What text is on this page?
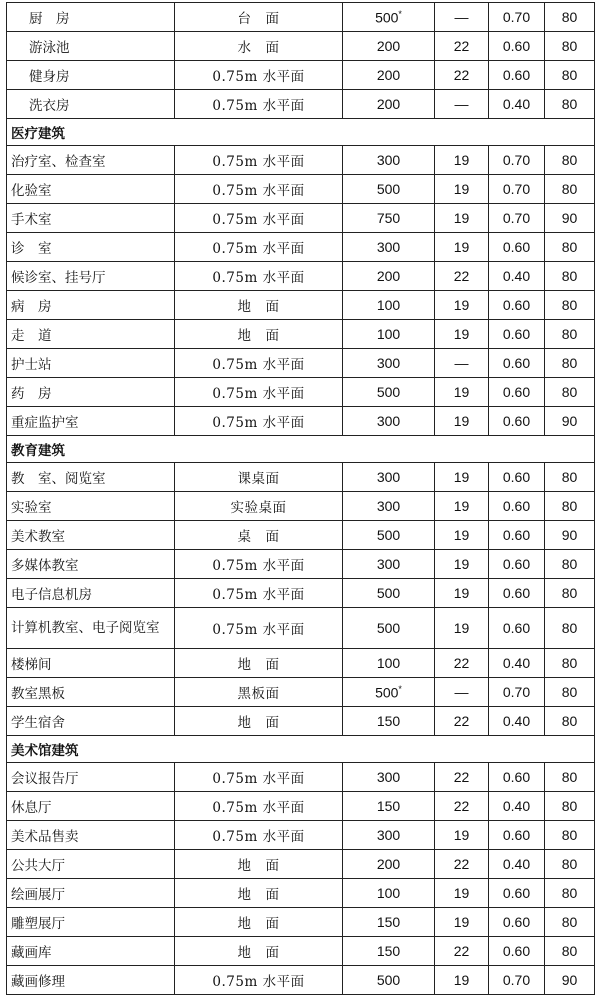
厨　房	台　面	500*	—	0.70	80
游泳池	水　面	200	22	0.60	80
健身房	0.75m 水平面	200	22	0.60	80
洗衣房	0.75m 水平面	200	—	0.40	80
医疗建筑					
治疗室、检查室	0.75m 水平面	300	19	0.70	80
化验室	0.75m 水平面	500	19	0.70	80
手术室	0.75m 水平面	750	19	0.70	90
诊　室	0.75m 水平面	300	19	0.60	80
候诊室、挂号厅	0.75m 水平面	200	22	0.40	80
病　房	地　面	100	19	0.60	80
走　道	地　面	100	19	0.60	80
护士站	0.75m 水平面	300	—	0.60	80
药　房	0.75m 水平面	500	19	0.60	80
重症监护室	0.75m 水平面	300	19	0.60	90
教育建筑					
教　室、阅览室	课桌面	300	19	0.60	80
实验室	实验桌面	300	19	0.60	80
美术教室	桌　面	500	19	0.60	90
多媒体教室	0.75m 水平面	300	19	0.60	80
电子信息机房	0.75m 水平面	500	19	0.60	80
计算机教室、电子阅览室	0.75m 水平面	500	19	0.60	80
楼梯间	地　面	100	22	0.40	80
教室黑板	黑板面	500*	—	0.70	80
学生宿舍	地　面	150	22	0.40	80
美术馆建筑					
会议报告厅	0.75m 水平面	300	22	0.60	80
休息厅	0.75m 水平面	150	22	0.40	80
美术品售卖	0.75m 水平面	300	19	0.60	80
公共大厅	地　面	200	22	0.40	80
绘画展厅	地　面	100	19	0.60	80
雕塑展厅	地　面	150	19	0.60	80
藏画库	地　面	150	22	0.60	80
藏画修理	0.75m 水平面	500	19	0.70	90
